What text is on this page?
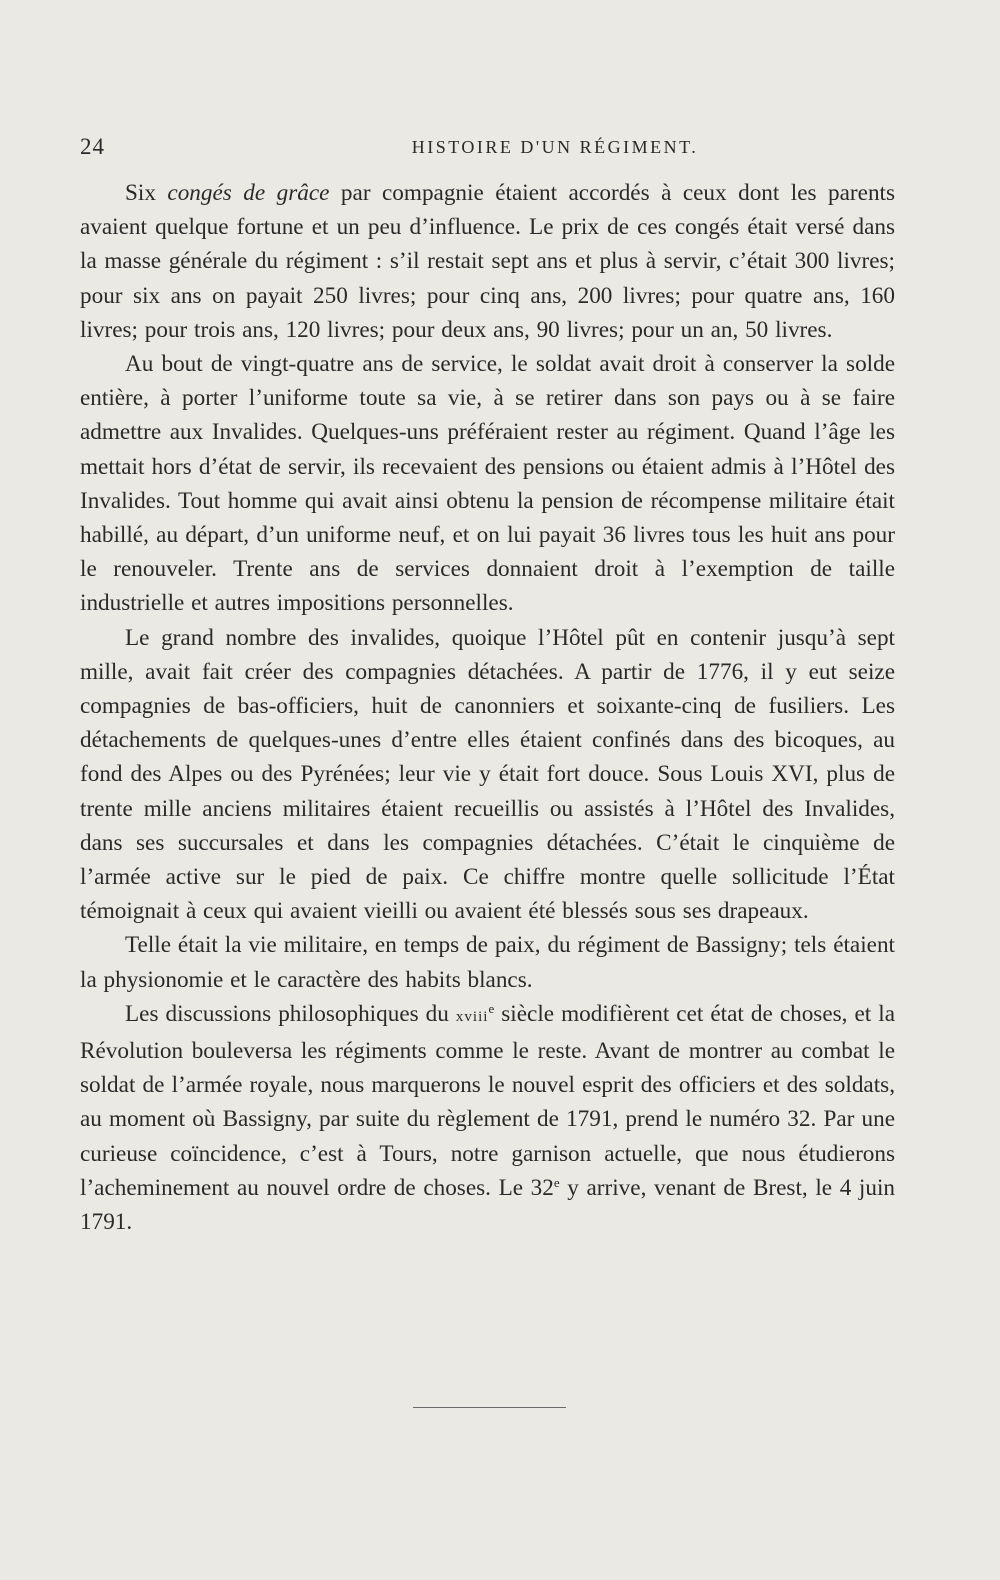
24	HISTOIRE D'UN RÉGIMENT.

Six congés de grâce par compagnie étaient accordés à ceux dont les parents avaient quelque fortune et un peu d’influence. Le prix de ces congés était versé dans la masse générale du régiment : s’il restait sept ans et plus à servir, c’était 300 livres; pour six ans on payait 250 livres; pour cinq ans, 200 livres; pour quatre ans, 160 livres; pour trois ans, 120 livres; pour deux ans, 90 livres; pour un an, 50 livres.

Au bout de vingt-quatre ans de service, le soldat avait droit à conserver la solde entière, à porter l’uniforme toute sa vie, à se retirer dans son pays ou à se faire admettre aux Invalides. Quelques-uns préféraient rester au régiment. Quand l’âge les mettait hors d’état de servir, ils recevaient des pensions ou étaient admis à l’Hôtel des Invalides. Tout homme qui avait ainsi obtenu la pension de récompense militaire était habillé, au départ, d’un uniforme neuf, et on lui payait 36 livres tous les huit ans pour le renouveler. Trente ans de services donnaient droit à l’exemption de taille industrielle et autres impositions personnelles.

Le grand nombre des invalides, quoique l’Hôtel pût en contenir jusqu’à sept mille, avait fait créer des compagnies détachées. A partir de 1776, il y eut seize compagnies de bas-officiers, huit de canonniers et soixante-cinq de fusiliers. Les détachements de quelques-unes d’entre elles étaient confinés dans des bicoques, au fond des Alpes ou des Pyrénées; leur vie y était fort douce. Sous Louis XVI, plus de trente mille anciens militaires étaient recueillis ou assistés à l’Hôtel des Invalides, dans ses succursales et dans les compagnies détachées. C’était le cinquième de l’armée active sur le pied de paix. Ce chiffre montre quelle sollicitude l’État témoignait à ceux qui avaient vieilli ou avaient été blessés sous ses drapeaux.

Telle était la vie militaire, en temps de paix, du régiment de Bassigny; tels étaient la physionomie et le caractère des habits blancs.

Les discussions philosophiques du xviii$^e$ siècle modifièrent cet état de choses, et la Révolution bouleversa les régiments comme le reste. Avant de montrer au combat le soldat de l’armée royale, nous marquerons le nouvel esprit des officiers et des soldats, au moment où Bassigny, par suite du règlement de 1791, prend le numéro 32. Par une curieuse coïncidence, c’est à Tours, notre garnison actuelle, que nous étudierons l’acheminement au nouvel ordre de choses. Le 32e y arrive, venant de Brest, le 4 juin 1791.
